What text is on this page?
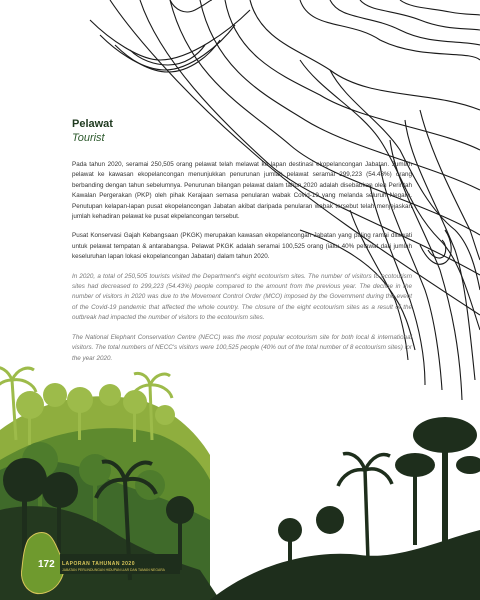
Pelawat

Tourist

Pada tahun 2020, seramai 250,505 orang pelawat telah melawat ke lapan destinasi ekopelancongan Jabatan. Jumlah pelawat ke kawasan ekopelancongan menunjukkan penurunan jumlah pelawat seramai 299,223 (54.43%) orang berbanding dengan tahun sebelumnya. Penurunan bilangan pelawat dalam tahun 2020 adalah disebabkan oleh Perintah Kawalan Pergerakan (PKP) oleh pihak Kerajaan semasa penularan wabak Covid-19 yang melanda seluruh Negara. Penutupan kelapan-lapan pusat ekopelancongan Jabatan akibat daripada penularan wabak tersebut telah menjejaskan jumlah kehadiran pelawat ke pusat ekpelancongan tersebut.

Pusat Konservasi Gajah Kebangsaan (PKGK) merupakan kawasan ekopelancongan Jabatan yang paling ramai dilawati untuk pelawat tempatan & antarabangsa. Pelawat PKGK adalah seramai 100,525 orang (iaitu 40% pelawat dari jumlah keseluruhan lapan lokasi ekopelancongan Jabatan) dalam tahun 2020.

In 2020, a total of 250,505 tourists visited the Department's eight ecotourism sites. The number of visitors to ecotourism sites had decreased to 299,223 (54.43%) people compared to the amount from the previous year. The decline in the number of visitors in 2020 was due to the Movement Control Order (MCO) imposed by the Government during the event of the Covid-19 pandemic that affected the whole country. The closure of the eight ecotourism sites as a result of the outbreak had impacted the number of visitors to the ecotourism sites.

The National Elephant Conservation Centre (NECC) was the most popular ecotourism site for both local & international visitors. The total numbers of NECC's visitors were 100,525 people (40% out of the total number of 8 ecotourism sites) for the year 2020.

172 LAPORAN TAHUNAN 2020
JABATAN PERLINDUNGAN HIDUPAN LIAR DAN TAMAN NEGARA
